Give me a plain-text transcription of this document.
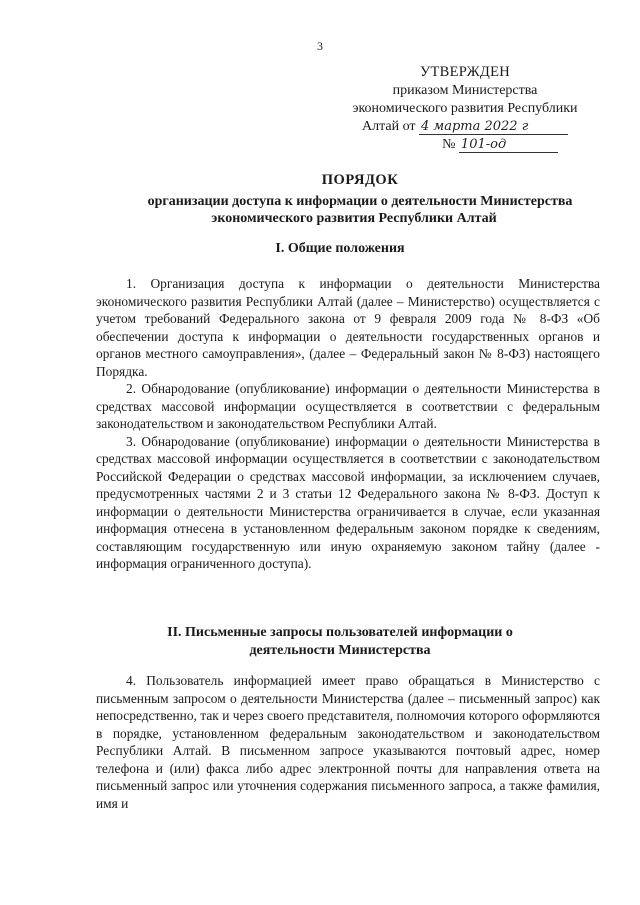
3
УТВЕРЖДЕН
приказом Министерства
экономического развития Республики
Алтай от 4 марта 2022 г
№ 101-од
ПОРЯДОК
организации доступа к информации о деятельности Министерства
экономического развития Республики Алтай
I. Общие положения

1. Организация доступа к информации о деятельности Министерства экономического развития Республики Алтай (далее – Министерство) осуществляется с учетом требований Федерального закона от 9 февраля 2009 года № 8-ФЗ «Об обеспечении доступа к информации о деятельности государственных органов и органов местного самоуправления», (далее – Федеральный закон № 8-ФЗ) настоящего Порядка.

2. Обнародование (опубликование) информации о деятельности Министерства в средствах массовой информации осуществляется в соответствии с федеральным законодательством и законодательством Республики Алтай.

3. Обнародование (опубликование) информации о деятельности Министерства в средствах массовой информации осуществляется в соответствии с законодательством Российской Федерации о средствах массовой информации, за исключением случаев, предусмотренных частями 2 и 3 статьи 12 Федерального закона № 8-ФЗ. Доступ к информации о деятельности Министерства ограничивается в случае, если указанная информация отнесена в установленном федеральным законом порядке к сведениям, составляющим государственную или иную охраняемую законом тайну (далее - информация ограниченного доступа).

II. Письменные запросы пользователей информации о
деятельности Министерства

4. Пользователь информацией имеет право обращаться в Министерство с письменным запросом о деятельности Министерства (далее – письменный запрос) как непосредственно, так и через своего представителя, полномочия которого оформляются в порядке, установленном федеральным законодательством и законодательством Республики Алтай. В письменном запросе указываются почтовый адрес, номер телефона и (или) факса либо адрес электронной почты для направления ответа на письменный запрос или уточнения содержания письменного запроса, а также фамилия, имя и
